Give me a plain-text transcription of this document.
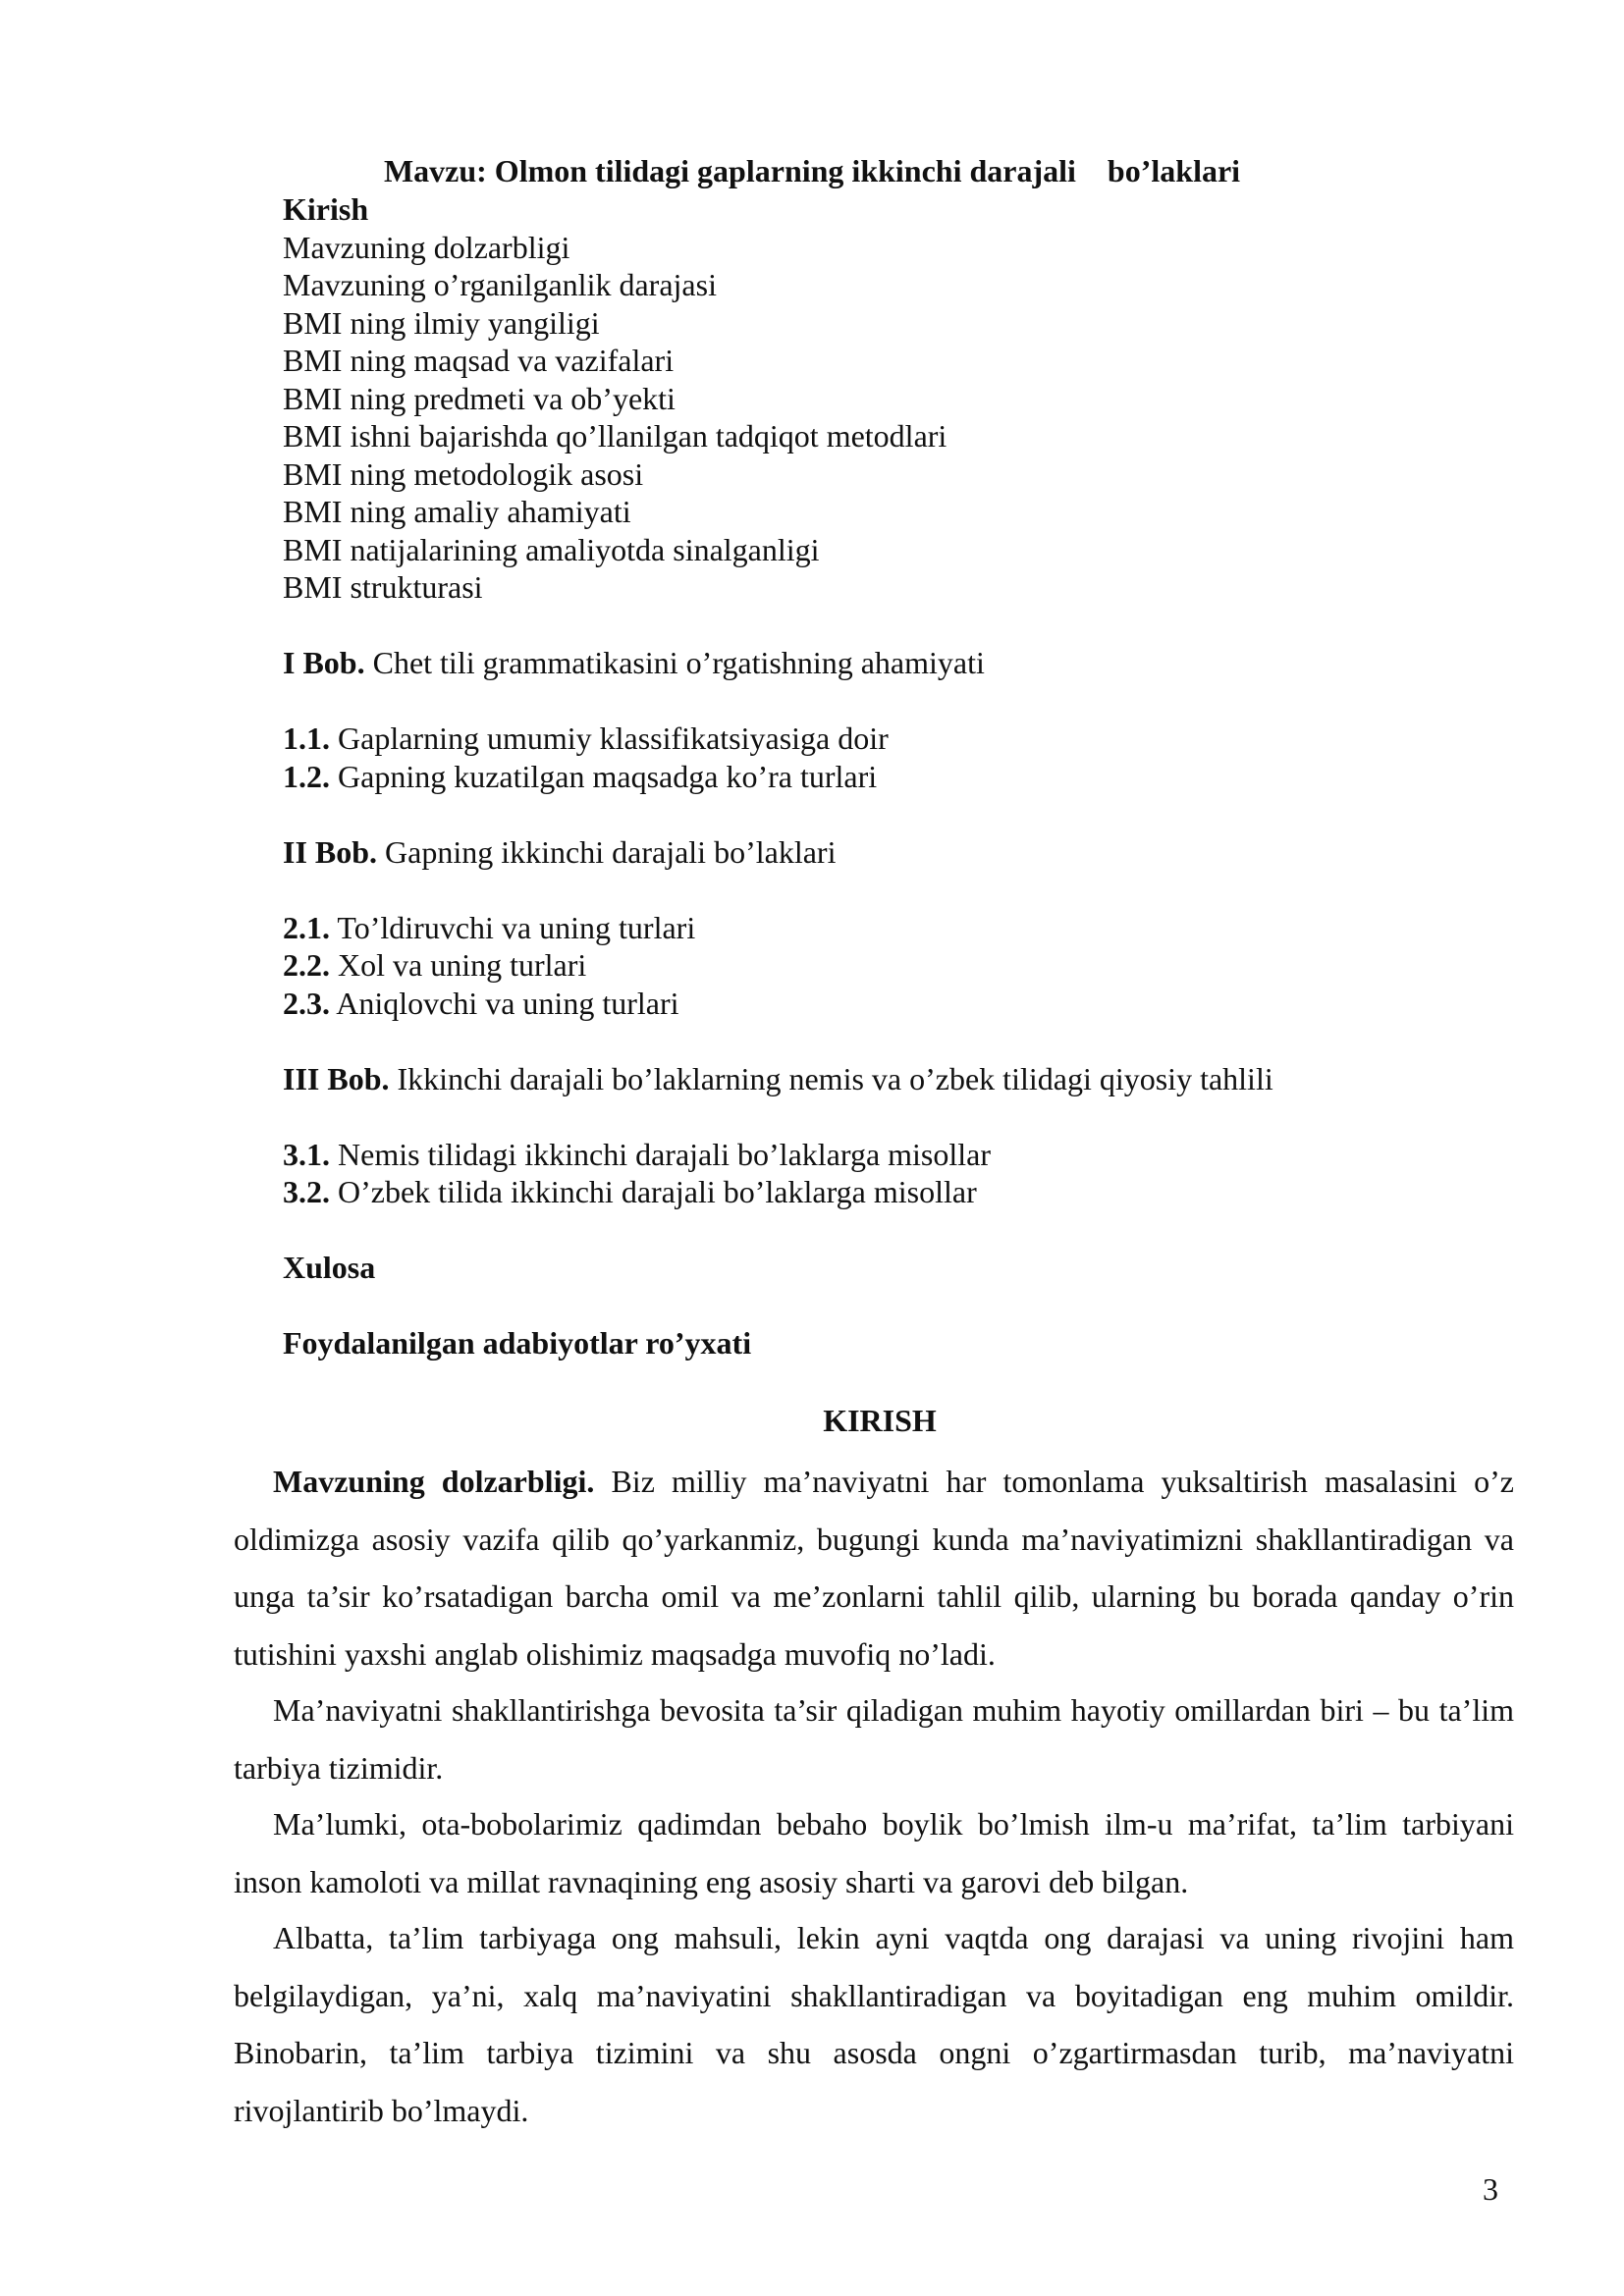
Mavzu: Olmon tilidagi gaplarning ikkinchi darajali    bo’laklari
Kirish
Mavzuning dolzarbligi
Mavzuning o’rganilganlik darajasi
BMI ning ilmiy yangiligi
BMI ning maqsad va vazifalari
BMI ning predmeti va ob’yekti
BMI ishni bajarishda qo’llanilgan tadqiqot metodlari
BMI ning metodologik asosi
BMI ning amaliy ahamiyati
BMI natijalarining amaliyotda sinalganligi
BMI strukturasi
I Bob. Chet tili grammatikasini o’rgatishning ahamiyati
1.1. Gaplarning umumiy klassifikatsiyasiga doir
1.2. Gapning kuzatilgan maqsadga ko’ra turlari
II Bob. Gapning ikkinchi darajali bo’laklari
2.1. To’ldiruvchi va uning turlari
2.2. Xol va uning turlari
2.3. Aniqlovchi va uning turlari
III Bob. Ikkinchi darajali bo’laklarning nemis va o’zbek tilidagi qiyosiy tahlili
3.1. Nemis tilidagi ikkinchi darajali bo’laklarga misollar
3.2. O’zbek tilida ikkinchi darajali bo’laklarga misollar
Xulosa
Foydalanilgan adabiyotlar ro’yxati
KIRISH

Mavzuning dolzarbligi. Biz milliy ma’naviyatni har tomonlama yuksaltirish masalasini o’z oldimizga asosiy vazifa qilib qo’yarkanmiz, bugungi kunda ma’naviyatimizni shakllantiradigan va unga ta’sir ko’rsatadigan barcha omil va me’zonlarni tahlil qilib, ularning bu borada qanday o’rin tutishini yaxshi anglab olishimiz maqsadga muvofiq no’ladi.

Ma’naviyatni shakllantirishga bevosita ta’sir qiladigan muhim hayotiy omillardan biri – bu ta’lim tarbiya tizimidir.

Ma’lumki, ota-bobolarimiz qadimdan bebaho boylik bo’lmish ilm-u ma’rifat, ta’lim tarbiyani inson kamoloti va millat ravnaqining eng asosiy sharti va garovi deb bilgan.

Albatta, ta’lim tarbiyaga ong mahsuli, lekin ayni vaqtda ong darajasi va uning rivojini ham belgilaydigan, ya’ni, xalq ma’naviyatini shakllantiradigan va boyitadigan eng muhim omildir. Binobarin, ta’lim tarbiya tizimini va shu asosda ongni o’zgartirmasdan turib, ma’naviyatni rivojlantirib bo’lmaydi.

3
